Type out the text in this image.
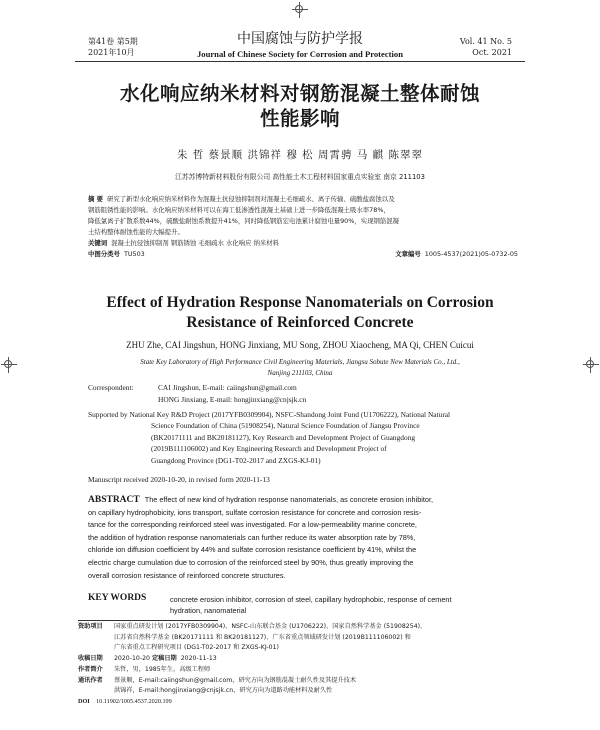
第41卷 第5期
2021年10月
中国腐蚀与防护学报
Journal of Chinese Society for Corrosion and Protection
Vol. 41 No. 5
Oct. 2021
水化响应纳米材料对钢筋混凝土整体耐蚀
性能影响
朱 哲 蔡景顺 洪锦祥 穆 松 周霄骋 马 麒 陈翠翠
江苏苏博特新材料股份有限公司 高性能土木工程材料国家重点实验室 南京 211103
摘 要 研究了新型水化响应纳米材料作为混凝土抗侵蚀抑制剂对混凝土毛细疏水、离子传输、硫酸盐腐蚀以及
钢筋阻锈性能的影响。水化响应纳米材料可以在海工低渗透性混凝土基础上进一步降低混凝土吸水率78%，
降低氯离子扩散系数44%，硫酸盐耐蚀系数提升41%，同时降低钢筋宏电池累计腐蚀电量90%，实现钢筋混凝
土结构整体耐蚀性能的大幅提升。
关键词 混凝土抗侵蚀抑制剂 钢筋锈蚀 毛细疏水 水化响应 纳米材料
中图分类号 TU503	文章编号 1005-4537(2021)05-0732-05
Effect of Hydration Response Nanomaterials on Corrosion
Resistance of Reinforced Concrete
ZHU Zhe, CAI Jingshun, HONG Jinxiang, MU Song, ZHOU Xiaocheng, MA Qi, CHEN Cuicui
State Key Laboratory of High Performance Civil Engineering Materials, Jiangsu Sobute New Materials Co., Ltd.,
Nanjing 211103, China
Correspondent:	CAI Jingshun, E-mail: caiingshun@gmail.com
HONG Jinxiang, E-mail: hongjinxiang@cnjsjk.cn
Supported by National Key R&D Project (2017YFB0309904), NSFC-Shandong Joint Fund (U1706222), National Natural
Science Foundation of China (51908254), Natural Science Foundation of Jiangsu Province
(BK20171111 and BK20181127), Key Research and Development Project of Guangdong
(2019B111106002) and Key Engineering Research and Development Project of
Guangdong Province (DG1-T02-2017 and ZXGS-KJ-01)
Manuscript received 2020-10-20, in revised form 2020-11-13
ABSTRACT The effect of new kind of hydration response nanomaterials, as concrete erosion inhibitor,
on capillary hydrophobicity, ions transport, sulfate corrosion resistance for concrete and corrosion resis-
tance for the corresponding reinforced steel was investigated. For a low-permeability marine concrete,
the addition of hydration response nanomaterials can further reduce its water absorption rate by 78%,
chloride ion diffusion coefficient by 44% and sulfate corrosion resistance coefficient by 41%, whilst the
electric charge cumulation due to corrosion of the reinforced steel by 90%, thus greatly improving the
overall corrosion resistance of reinforced concrete structures.
KEY WORDS	concrete erosion inhibitor, corrosion of steel, capillary hydrophobic, response of cement
hydration, nanomaterial
资助项目 国家重点研发计划 (2017YFB0309904)、NSFC-山东联合基金 (U1706222)、国家自然科学基金 (51908254)、
江苏省自然科学基金 (BK20171111 和 BK20181127)、广东省重点领域研发计划 (2019B111106002) 和
广东省重点工程研究项目 (DG1-T02-2017 和 ZXGS-KJ-01)
收稿日期 2020-10-20 定稿日期 2020-11-13
作者简介 朱哲，男，1985年生，高级工程师
通讯作者 蔡景顺，E-mail:caiingshun@gmail.com，研究方向为钢筋混凝土耐久性及其提升技术
洪锦祥，E-mail:hongjinxiang@cnjsjk.cn，研究方向为道路功能材料及耐久性
DOI 10.11902/1005.4537.2020.199
